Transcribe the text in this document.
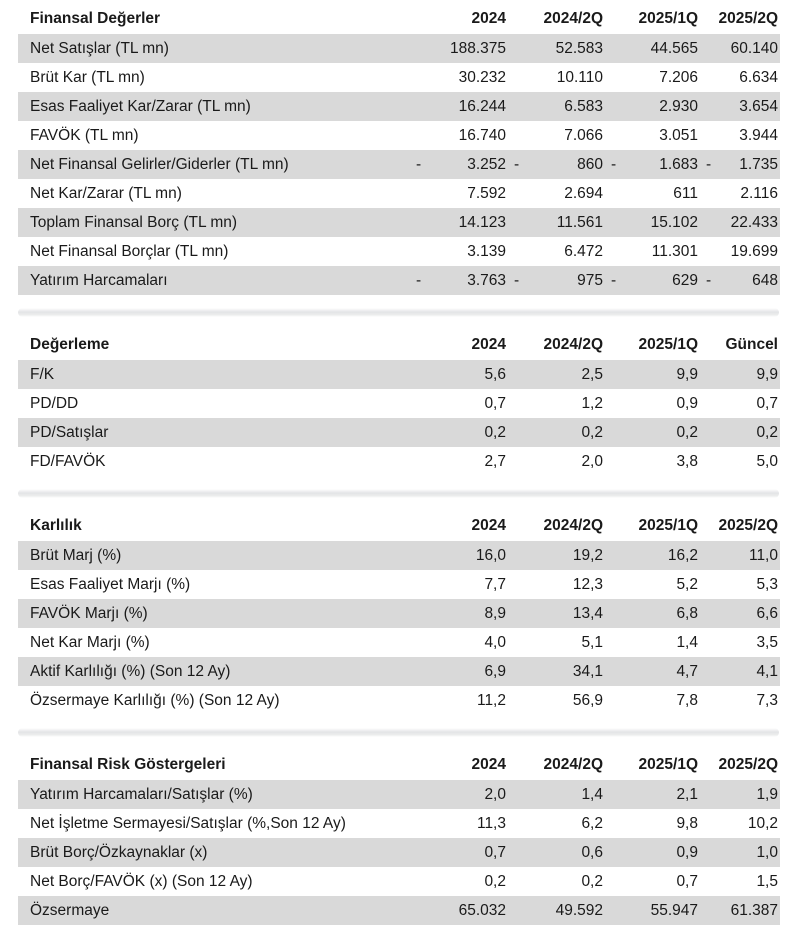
Finansal Değerler	2024	2024/2Q	2025/1Q	2025/2Q
Net Satışlar (TL mn)	188.375	52.583	44.565	60.140
Brüt Kar (TL mn)	30.232	10.110	7.206	6.634
Esas Faaliyet Kar/Zarar (TL mn)	16.244	6.583	2.930	3.654
FAVÖK (TL mn)	16.740	7.066	3.051	3.944
Net Finansal Gelirler/Giderler (TL mn)	- 3.252	- 860	- 1.683	- 1.735
Net Kar/Zarar (TL mn)	7.592	2.694	611	2.116
Toplam Finansal Borç (TL mn)	14.123	11.561	15.102	22.433
Net Finansal Borçlar (TL mn)	3.139	6.472	11.301	19.699
Yatırım Harcamaları	- 3.763	- 975	- 629	- 648
Değerleme	2024	2024/2Q	2025/1Q	Güncel
F/K	5,6	2,5	9,9	9,9
PD/DD	0,7	1,2	0,9	0,7
PD/Satışlar	0,2	0,2	0,2	0,2
FD/FAVÖK	2,7	2,0	3,8	5,0
Karlılık	2024	2024/2Q	2025/1Q	2025/2Q
Brüt Marj (%)	16,0	19,2	16,2	11,0
Esas Faaliyet Marjı (%)	7,7	12,3	5,2	5,3
FAVÖK Marjı (%)	8,9	13,4	6,8	6,6
Net Kar Marjı (%)	4,0	5,1	1,4	3,5
Aktif Karlılığı (%) (Son 12 Ay)	6,9	34,1	4,7	4,1
Özsermaye Karlılığı (%) (Son 12 Ay)	11,2	56,9	7,8	7,3
Finansal Risk Göstergeleri	2024	2024/2Q	2025/1Q	2025/2Q
Yatırım Harcamaları/Satışlar (%)	2,0	1,4	2,1	1,9
Net İşletme Sermayesi/Satışlar (%,Son 12 Ay)	11,3	6,2	9,8	10,2
Brüt Borç/Özkaynaklar (x)	0,7	0,6	0,9	1,0
Net Borç/FAVÖK (x) (Son 12 Ay)	0,2	0,2	0,7	1,5
Özsermaye	65.032	49.592	55.947	61.387
